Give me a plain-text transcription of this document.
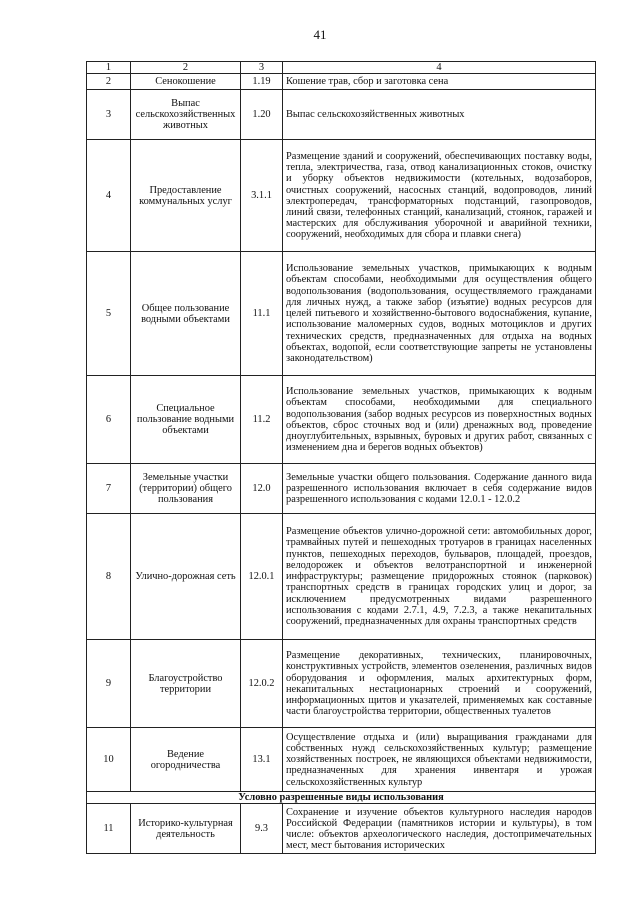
41
1	2	3	4
2	Сенокошение	1.19	Кошение трав, сбор и заготовка сена
3	Выпас сельскохозяйственных животных	1.20	Выпас сельскохозяйственных животных
4	Предоставление коммунальных услуг	3.1.1	Размещение зданий и сооружений, обеспечивающих поставку воды, тепла, электричества, газа, отвод канализационных стоков, очистку и уборку объектов недвижимости (котельных, водозаборов, очистных сооружений, насосных станций, водопроводов, линий электропередач, трансформаторных подстанций, газопроводов, линий связи, телефонных станций, канализаций, стоянок, гаражей и мастерских для обслуживания уборочной и аварийной техники, сооружений, необходимых для сбора и плавки снега)
5	Общее пользование водными объектами	11.1	Использование земельных участков, примыкающих к водным объектам способами, необходимыми для осуществления общего водопользования (водопользования, осуществляемого гражданами для личных нужд, а также забор (изъятие) водных ресурсов для целей питьевого и хозяйственно-бытового водоснабжения, купание, использование маломерных судов, водных мотоциклов и других технических средств, предназначенных для отдыха на водных объектах, водопой, если соответствующие запреты не установлены законодательством)
6	Специальное пользование водными объектами	11.2	Использование земельных участков, примыкающих к водным объектам способами, необходимыми для специального водопользования (забор водных ресурсов из поверхностных водных объектов, сброс сточных вод и (или) дренажных вод, проведение дноуглубительных, взрывных, буровых и других работ, связанных с изменением дна и берегов водных объектов)
7	Земельные участки (территории) общего пользования	12.0	Земельные участки общего пользования. Содержание данного вида разрешенного использования включает в себя содержание видов разрешенного использования с кодами 12.0.1 - 12.0.2
8	Улично-дорожная сеть	12.0.1	Размещение объектов улично-дорожной сети: автомобильных дорог, трамвайных путей и пешеходных тротуаров в границах населенных пунктов, пешеходных переходов, бульваров, площадей, проездов, велодорожек и объектов велотранспортной и инженерной инфраструктуры; размещение придорожных стоянок (парковок) транспортных средств в границах городских улиц и дорог, за исключением предусмотренных видами разрешенного использования с кодами 2.7.1, 4.9, 7.2.3, а также некапитальных сооружений, предназначенных для охраны транспортных средств
9	Благоустройство территории	12.0.2	Размещение декоративных, технических, планировочных, конструктивных устройств, элементов озеленения, различных видов оборудования и оформления, малых архитектурных форм, некапитальных нестационарных строений и сооружений, информационных щитов и указателей, применяемых как составные части благоустройства территории, общественных туалетов
10	Ведение огородничества	13.1	Осуществление отдыха и (или) выращивания гражданами для собственных нужд сельскохозяйственных культур; размещение хозяйственных построек, не являющихся объектами недвижимости, предназначенных для хранения инвентаря и урожая сельскохозяйственных культур
Условно разрешенные виды использования			
11	Историко-культурная деятельность	9.3	Сохранение и изучение объектов культурного наследия народов Российской Федерации (памятников истории и культуры), в том числе: объектов археологического наследия, достопримечательных мест, мест бытования исторических
